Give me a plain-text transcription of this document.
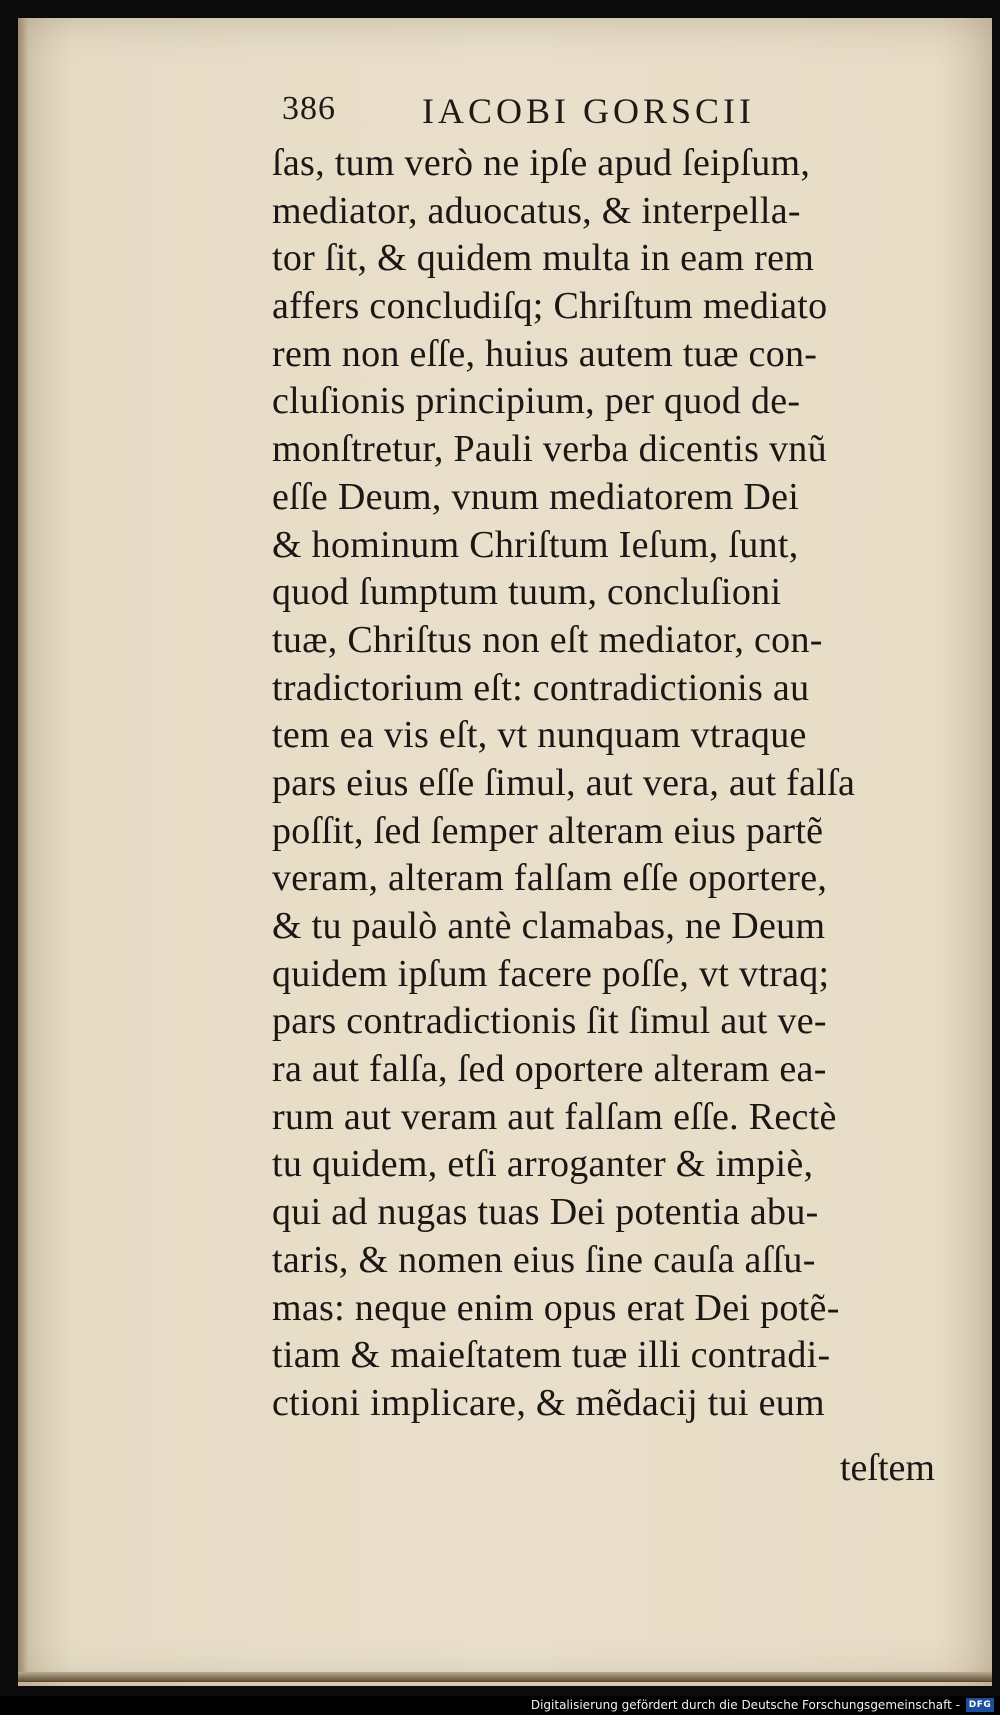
386 IACOBI GORSCII
ſas, tum verò ne ipſe apud ſeipſum,
mediator, aduocatus, & interpella-
tor ſit, & quidem multa in eam rem
affers concludiſq; Chriſtum mediato
rem non eſſe, huius autem tuæ con-
cluſionis principium, per quod de-
monſtretur, Pauli verba dicentis vnũ
eſſe Deum, vnum mediatorem Dei
& hominum Chriſtum Ieſum, ſunt,
quod ſumptum tuum, concluſioni
tuæ, Chriſtus non eſt mediator, con-
tradictorium eſt: contradictionis au
tem ea vis eſt, vt nunquam vtraque
pars eius eſſe ſimul, aut vera, aut falſa
poſſit, ſed ſemper alteram eius partẽ
veram, alteram falſam eſſe oportere,
& tu paulò antè clamabas, ne Deum
quidem ipſum facere poſſe, vt vtraq;
pars contradictionis ſit ſimul aut ve-
ra aut falſa, ſed oportere alteram ea-
rum aut veram aut falſam eſſe. Rectè
tu quidem, etſi arroganter & impiè,
qui ad nugas tuas Dei potentia abu-
taris, & nomen eius ſine cauſa aſſu-
mas: neque enim opus erat Dei potẽ-
tiam & maieſtatem tuæ illi contradi-
ctioni implicare, & mẽdacij tui eum
teſtem
Digitalisierung gefördert durch die Deutsche Forschungsgemeinschaft - DFG
